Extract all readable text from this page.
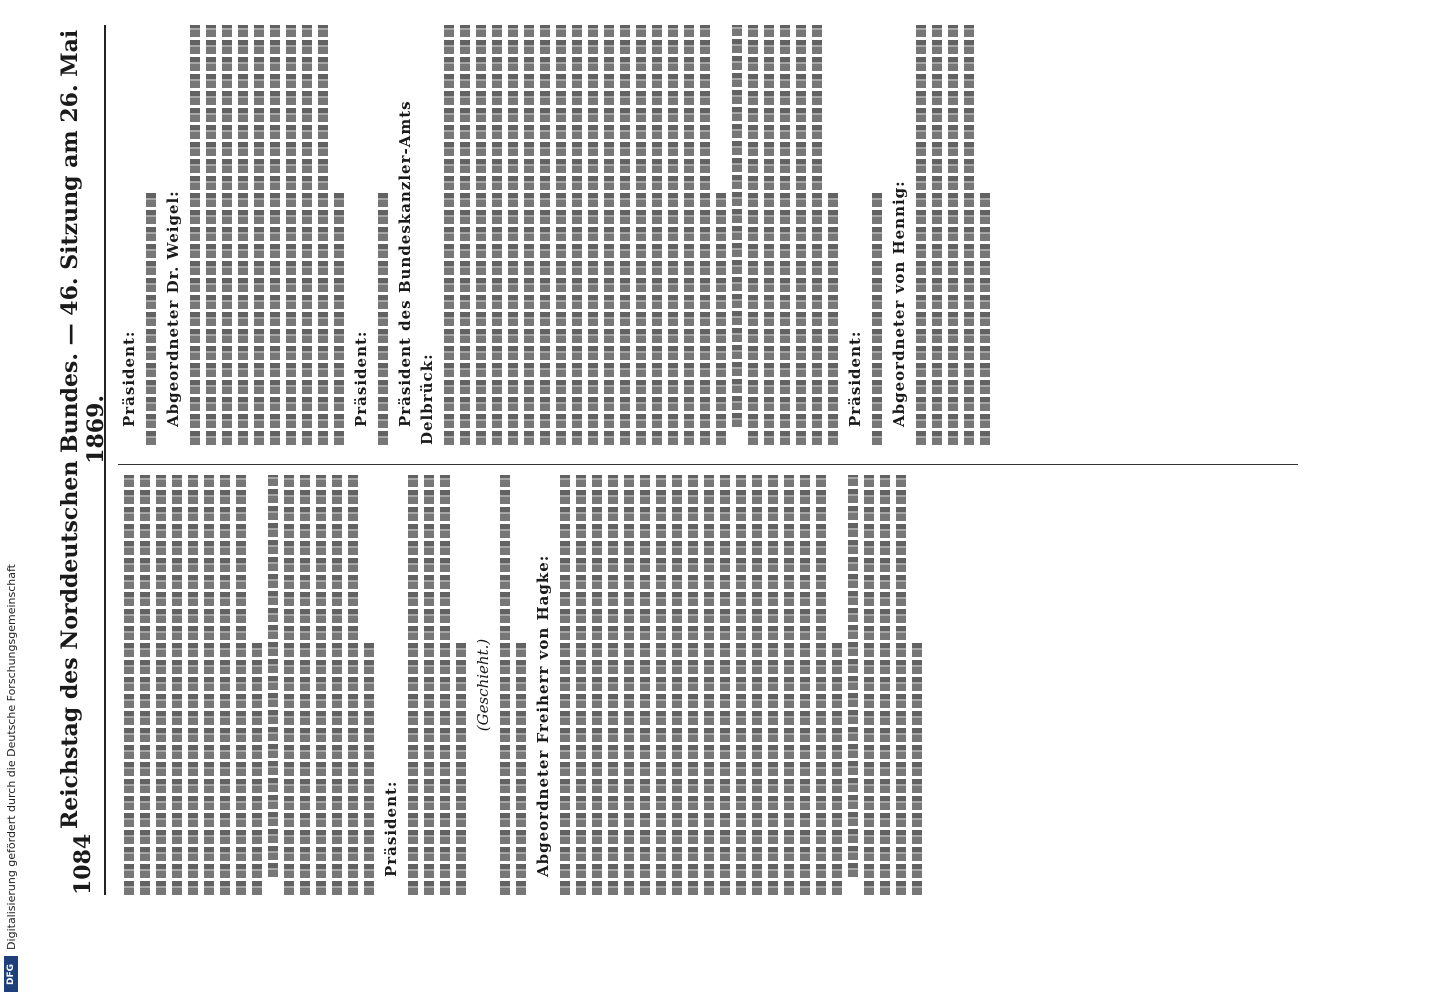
DFG
Digitalisierung gefördert durch die Deutsche Forschungsgemeinschaft 1084
Reichstag des Norddeutschen Bundes. — 46. Sitzung am 26. Mai 1869.
Präsident:
(Geschieht.)	Abgeordneter Freiherr von Hagke:
Präsident: Abgeordneter Dr. Weigel:	Präsident: Präsident des Bundeskanzler-Amts Delbrück:	Präsident: Abgeordneter von Hennig:
